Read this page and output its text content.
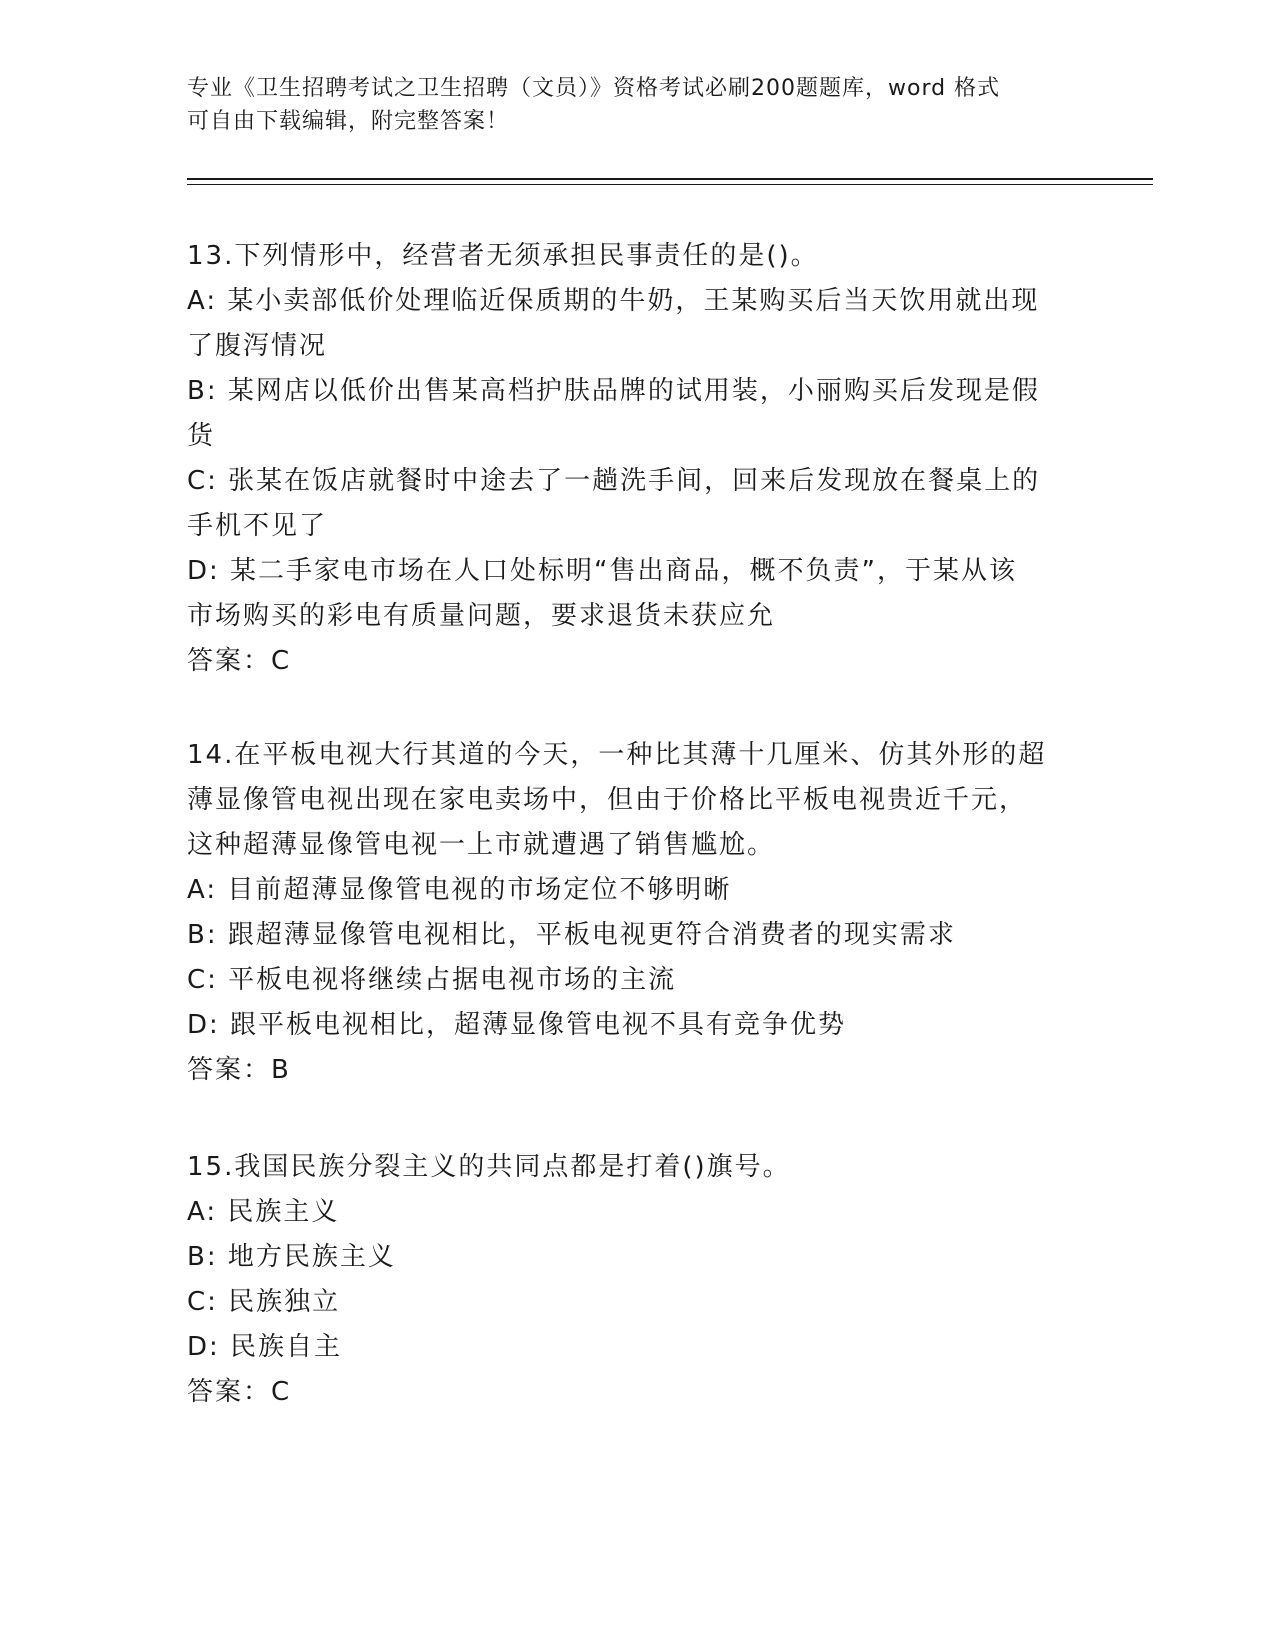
专业《卫生招聘考试之卫生招聘（文员）》资格考试必刷200题题库，word 格式
可自由下载编辑，附完整答案！

13.下列情形中，经营者无须承担民事责任的是()。

A: 某小卖部低价处理临近保质期的牛奶，王某购买后当天饮用就出现
了腹泻情况
B: 某网店以低价出售某高档护肤品牌的试用装，小丽购买后发现是假
货
C: 张某在饭店就餐时中途去了一趟洗手间，回来后发现放在餐桌上的
手机不见了
D: 某二手家电市场在人口处标明“售出商品，概不负责”，于某从该
市场购买的彩电有质量问题，要求退货未获应允

答案：C

14.在平板电视大行其道的今天，一种比其薄十几厘米、仿其外形的超

薄显像管电视出现在家电卖场中，但由于价格比平板电视贵近千元，

这种超薄显像管电视一上市就遭遇了销售尴尬。

A: 目前超薄显像管电视的市场定位不够明晰
B: 跟超薄显像管电视相比，平板电视更符合消费者的现实需求
C: 平板电视将继续占据电视市场的主流
D: 跟平板电视相比，超薄显像管电视不具有竞争优势

答案：B

15.我国民族分裂主义的共同点都是打着()旗号。

A: 民族主义
B: 地方民族主义
C: 民族独立
D: 民族自主

答案：C
